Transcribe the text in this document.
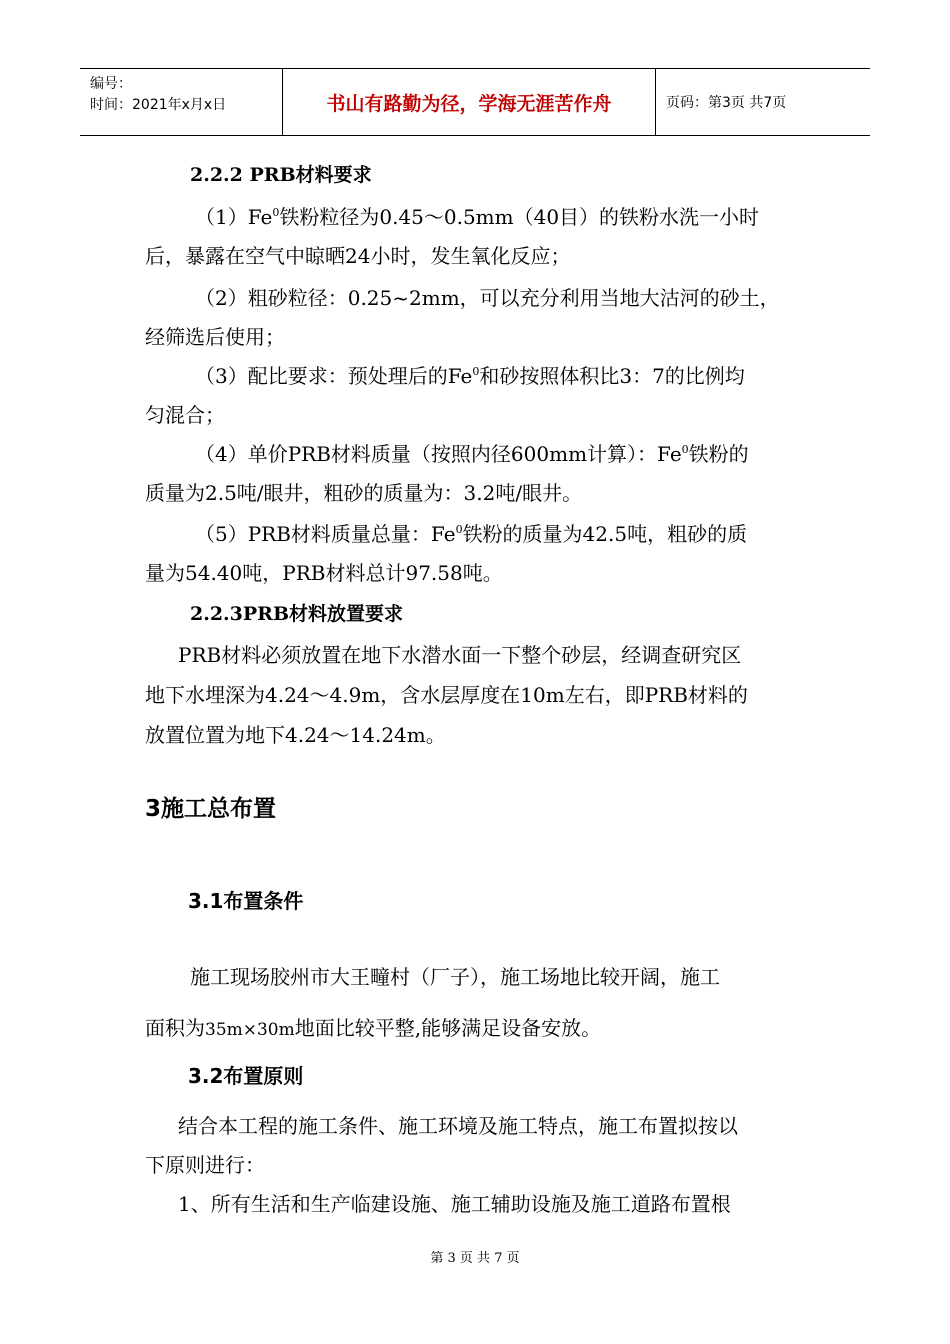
编号：
时间：2021年x月x日	书山有路勤为径，学海无涯苦作舟	页码：第3页 共7页
2.2.2 PRB材料要求
（1）Fe$^0$铁粉粒径为0.45～0.5mm（40目）的铁粉水洗一小时
后，暴露在空气中晾晒24小时，发生氧化反应；
（2）粗砂粒径：0.25~2mm，可以充分利用当地大沽河的砂土，
经筛选后使用；
（3）配比要求：预处理后的Fe$^0$和砂按照体积比3：7的比例均
匀混合；
（4）单价PRB材料质量（按照内径600mm计算）：Fe$^0$铁粉的
质量为2.5吨/眼井，粗砂的质量为：3.2吨/眼井。
（5）PRB材料质量总量：Fe$^0$铁粉的质量为42.5吨，粗砂的质
量为54.40吨，PRB材料总计97.58吨。
2.2.3PRB材料放置要求
PRB材料必须放置在地下水潜水面一下整个砂层，经调查研究区
地下水埋深为4.24～4.9m，含水层厚度在10m左右，即PRB材料的
放置位置为地下4.24～14.24m。
3施工总布置
3.1布置条件
施工现场胶州市大王疃村（厂子），施工场地比较开阔，施工
面积为35m×30m地面比较平整,能够满足设备安放。
3.2布置原则
结合本工程的施工条件、施工环境及施工特点，施工布置拟按以
下原则进行：
1、所有生活和生产临建设施、施工辅助设施及施工道路布置根
第 3 页 共 7 页
